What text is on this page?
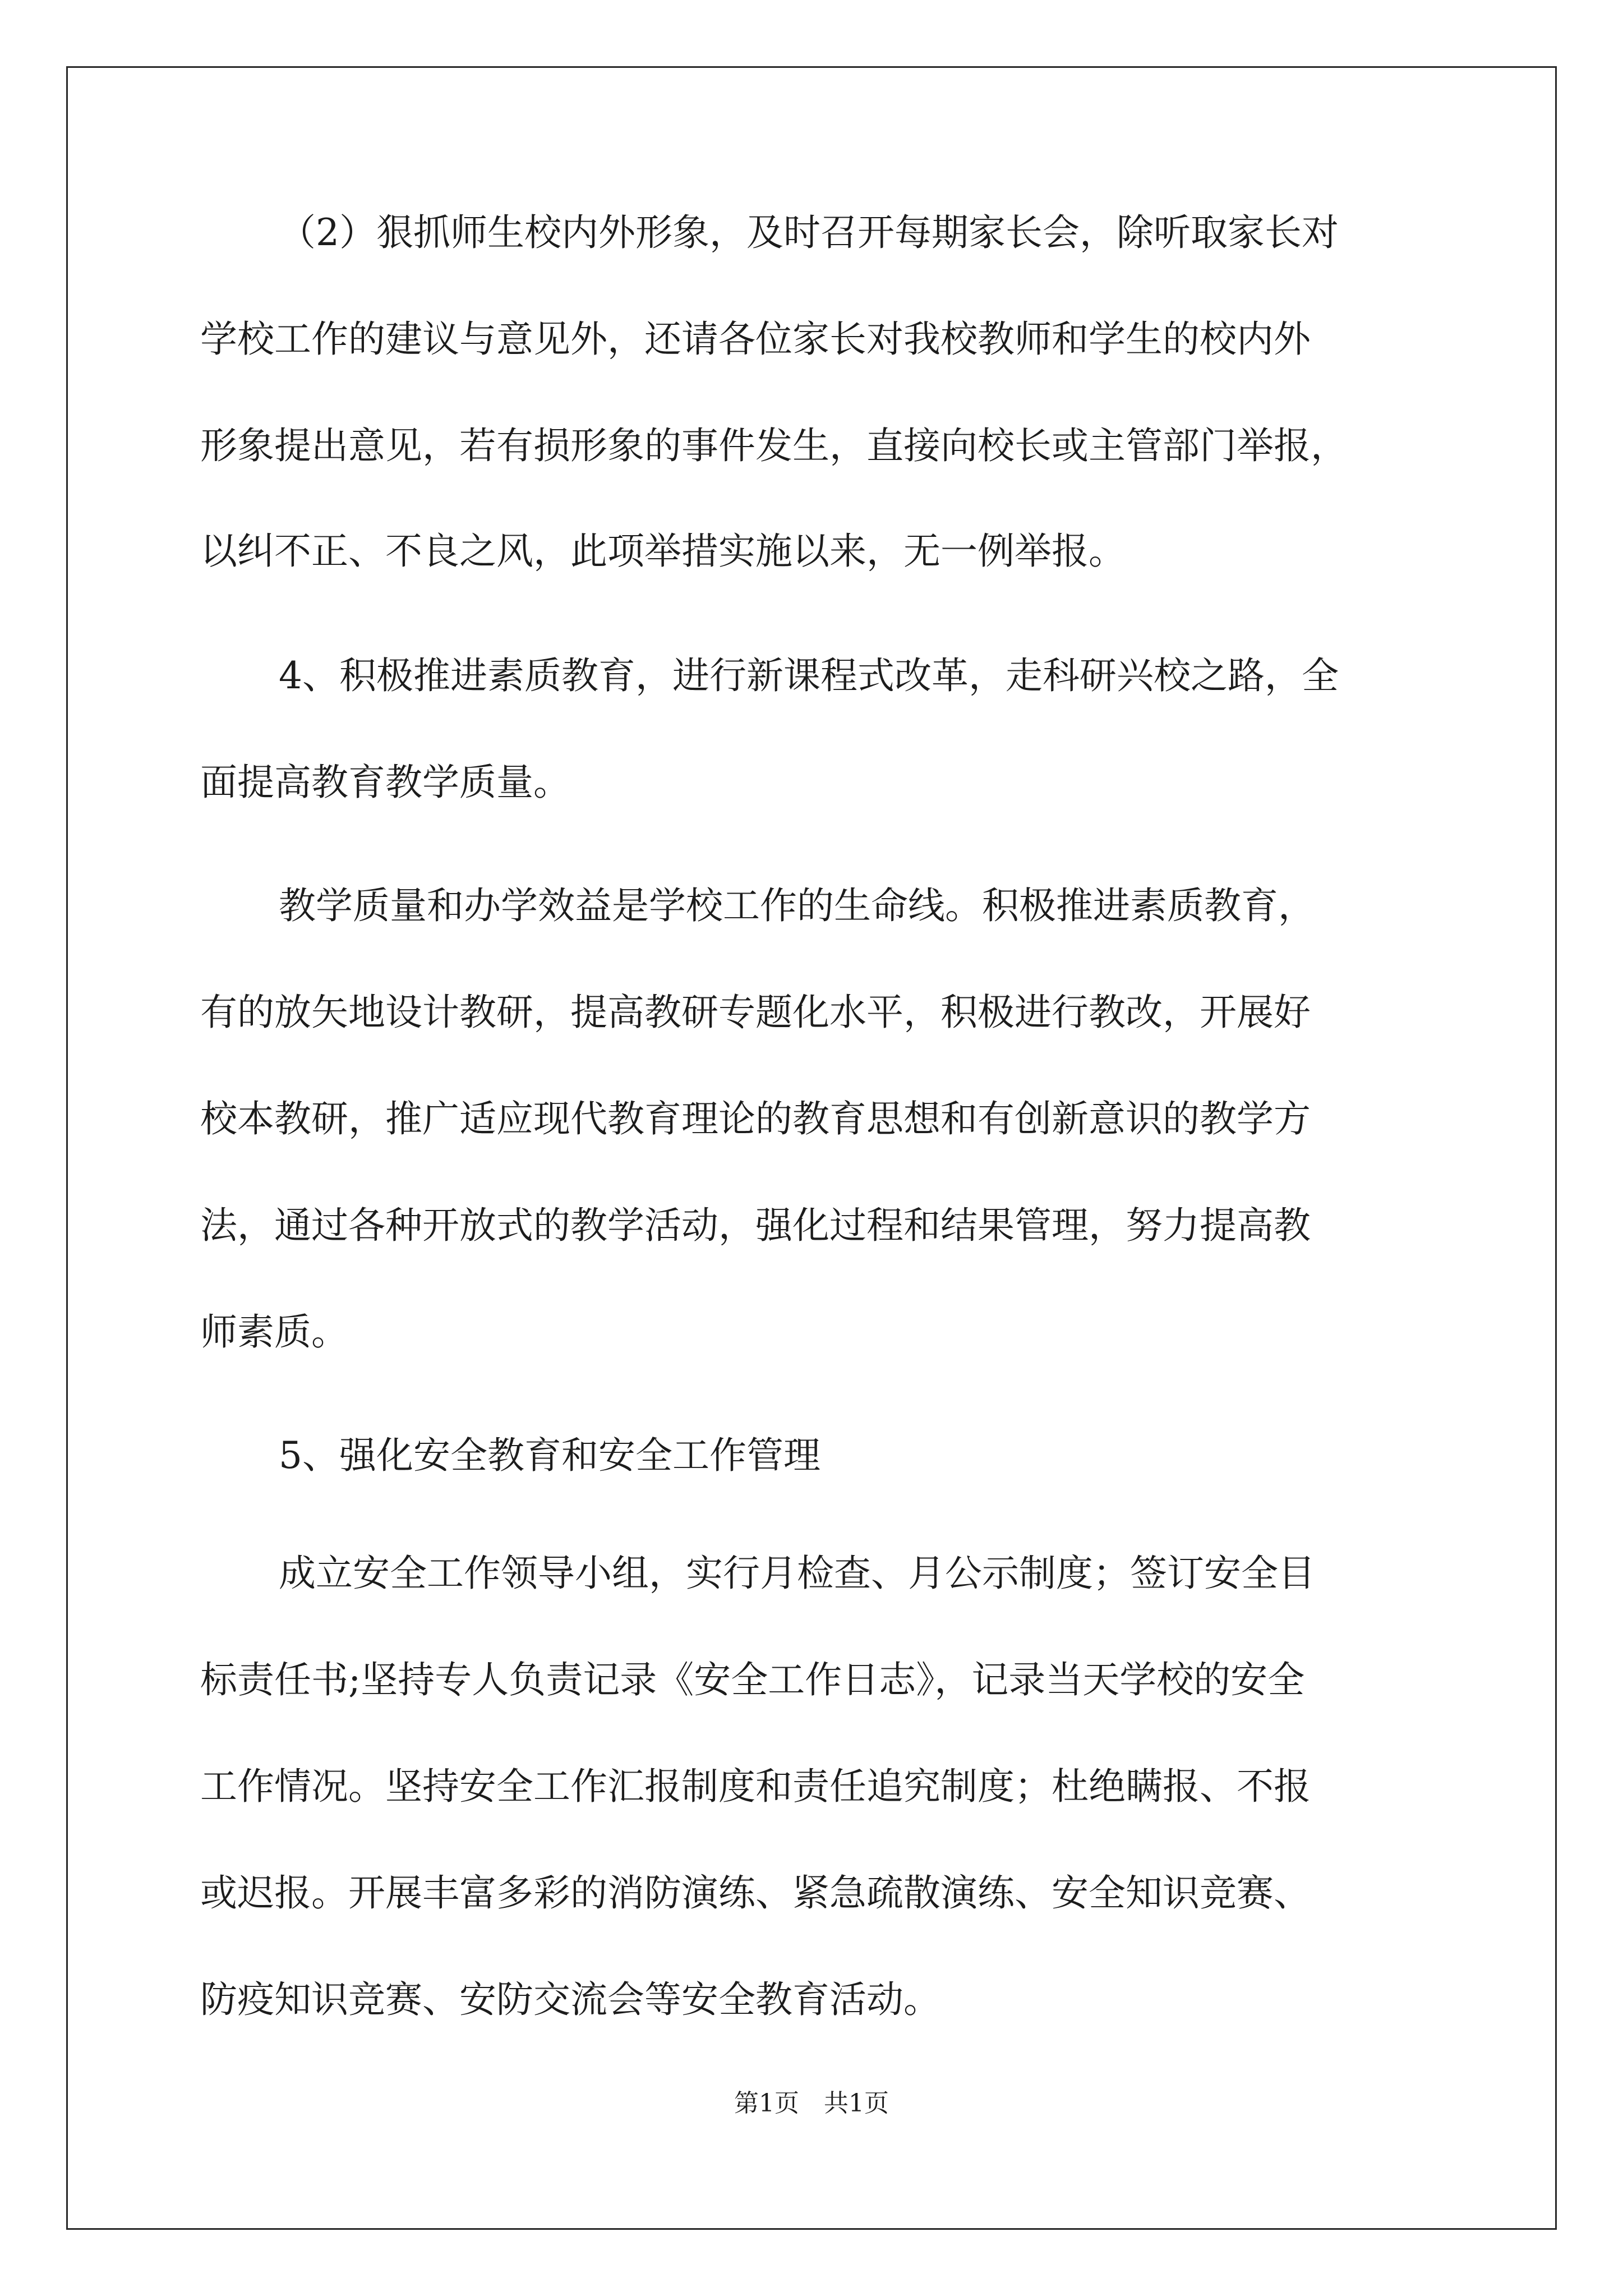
（2）狠抓师生校内外形象，及时召开每期家长会，除听取家长对
学校工作的建议与意见外，还请各位家长对我校教师和学生的校内外
形象提出意见，若有损形象的事件发生，直接向校长或主管部门举报，
以纠不正、不良之风，此项举措实施以来，无一例举报。
4、积极推进素质教育，进行新课程式改革，走科研兴校之路，全
面提高教育教学质量。
教学质量和办学效益是学校工作的生命线。积极推进素质教育，
有的放矢地设计教研，提高教研专题化水平，积极进行教改，开展好
校本教研，推广适应现代教育理论的教育思想和有创新意识的教学方
法，通过各种开放式的教学活动，强化过程和结果管理，努力提高教
师素质。
5、强化安全教育和安全工作管理
成立安全工作领导小组，实行月检查、月公示制度；签订安全目
标责任书;坚持专人负责记录《安全工作日志》，记录当天学校的安全
工作情况。坚持安全工作汇报制度和责任追究制度；杜绝瞒报、不报
或迟报。开展丰富多彩的消防演练、紧急疏散演练、安全知识竞赛、
防疫知识竞赛、安防交流会等安全教育活动。
第1页　共1页
